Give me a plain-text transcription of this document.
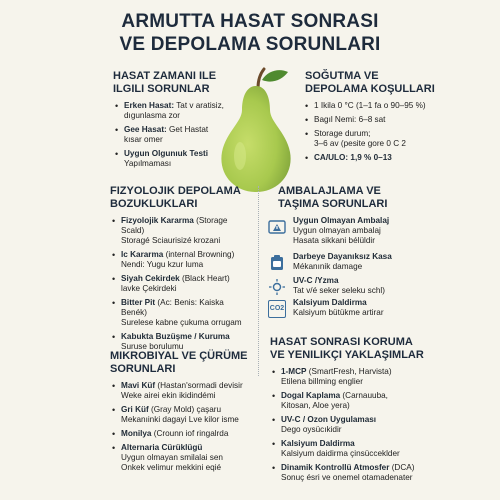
ARMUTTA HASAT SONRASI
VE DEPOLAMA SORUNLARI
HASAT ZAMANI ILE
ILGILI SORUNLAR
• Erken Hasat: Tat v aratisiz,
dıgunlasma zor
• Gee Hasat: Get Hastat
kısar omer
• Uygun Olgunıuk Testi
Yapılmaması
SOĞUTMA VE
DEPOLAMA KOŞULLARI
• 1 Ikila 0 °C (1–1 fa o 90–95 %)
• Bagıl Nemi: 6–8 sat
• Storage durum;
3–6 av (pesite gore 0 C 2
• CA/ULO: 1,9 % 0–13
FIZYOLOJIK DEPOLAMA
BOZUKLUKLARI
• Fizyolojik Kararma (Storage Scald)
Storagé Sciaurisizé krozani
• Ic Kararma (internal Browning)
Nendi: Yugu kzur luma
• Siyah Cekirdek (Black Heart)
lavke Çekirdeki
• Bitter Pit (Ac: Benis: Kaiska Benék)
Surelese kabne çukuma orrugam
• Kabukta Buzüşme / Kuruma
Suruse borulumu
AMBALAJLAMA VE
TAŞIMA SORUNLARI
Uygun Olmayan Ambalaj
Uygun olmayan ambalaj
Hasata sikkani bélüldir
Darbeye Dayanıksız Kasa
Mékanınik damage
UV-C /Yzma
Tat v/é seker seleku schl)
CO2
Kalsiyum Daldirma
Kalsiyum bütükme artirar
MIKROBIYAL VE ÇÜRÜME
SORUNLARI
• Mavi Küf (Hastan'sormadi devisir
Weke airei ekin ikidindémi
• Gri Küf (Gray Mold) çaşaru
Mekanıinki dagayi Lve kilor isme
• Monilya (Crounn iof ringalrda
• Alternaria Cürüklügü
Uygun olmayan smilalai sen
Onkek velimur mekkini eqié
HASAT SONRASI KORUMA
VE YENILIKÇI YAKLAŞIMLAR
• 1-MCP (SmartFresh, Harvista)
Etilena billming englier
• Dogal Kaplama (Carnauuba,
Kitosan, Aloe yera)
• UV-C / Ozon Uygulaması
Dego oysücıkidir
• Kalsiyum Daldirma
Kalsiyum daidirma çinsücceklder
• Dinamik Kontrollü Atmosfer (DCA)
Sonuç ésri ve onemel otamadenater
